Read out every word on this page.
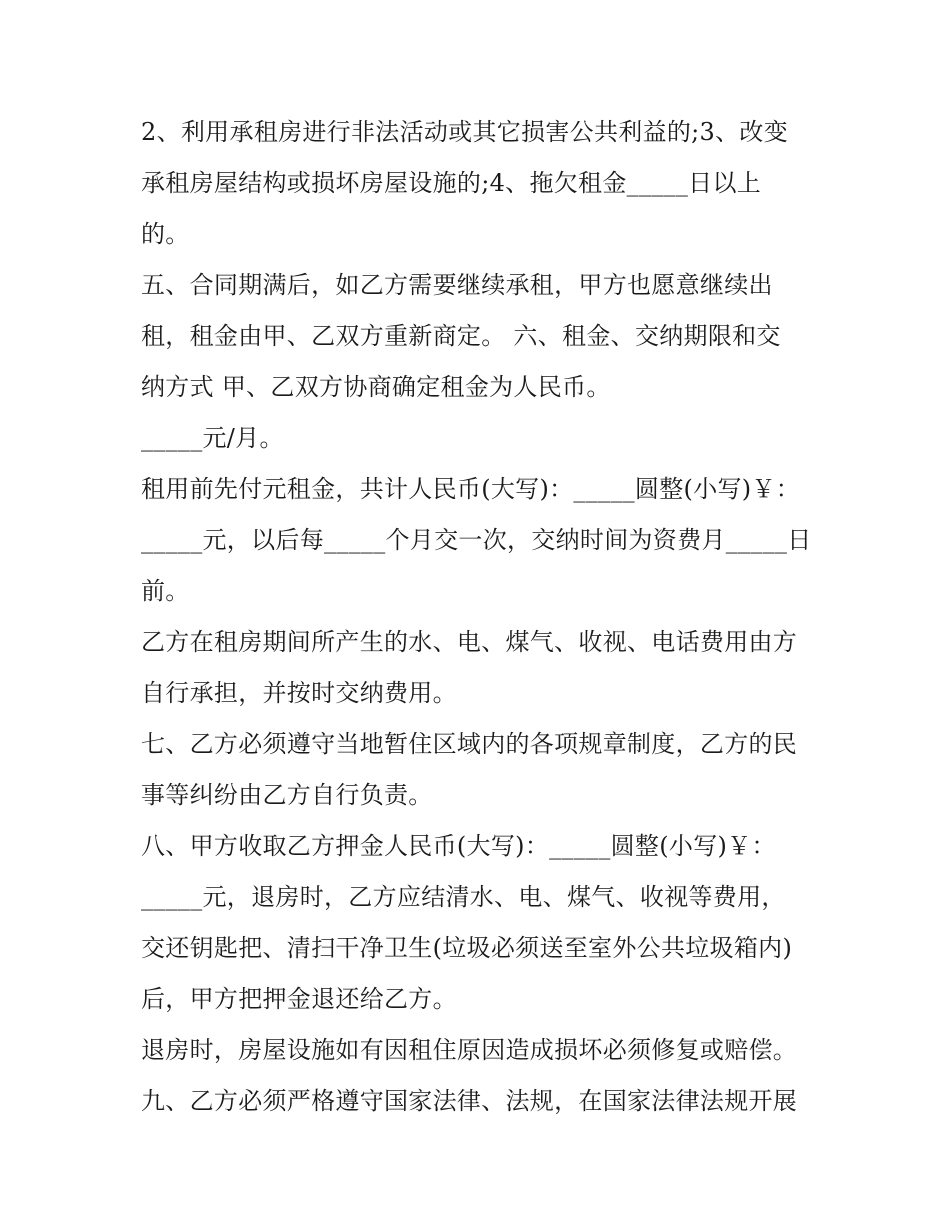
2、利用承租房进行非法活动或其它损害公共利益的;3、改变
承租房屋结构或损坏房屋设施的;4、拖欠租金_____日以上
的。
五、合同期满后，如乙方需要继续承租，甲方也愿意继续出
租，租金由甲、乙双方重新商定。 六、租金、交纳期限和交
纳方式 甲、乙双方协商确定租金为人民币。
_____元/月。
租用前先付元租金，共计人民币(大写)：_____圆整(小写)￥：
_____元，以后每_____个月交一次，交纳时间为资费月_____日
前。
乙方在租房期间所产生的水、电、煤气、收视、电话费用由方
自行承担，并按时交纳费用。
七、乙方必须遵守当地暂住区域内的各项规章制度，乙方的民
事等纠纷由乙方自行负责。
八、甲方收取乙方押金人民币(大写)：_____圆整(小写)￥：
_____元，退房时，乙方应结清水、电、煤气、收视等费用，
交还钥匙把、清扫干净卫生(垃圾必须送至室外公共垃圾箱内)
后，甲方把押金退还给乙方。
退房时，房屋设施如有因租住原因造成损坏必须修复或赔偿。
九、乙方必须严格遵守国家法律、法规，在国家法律法规开展
